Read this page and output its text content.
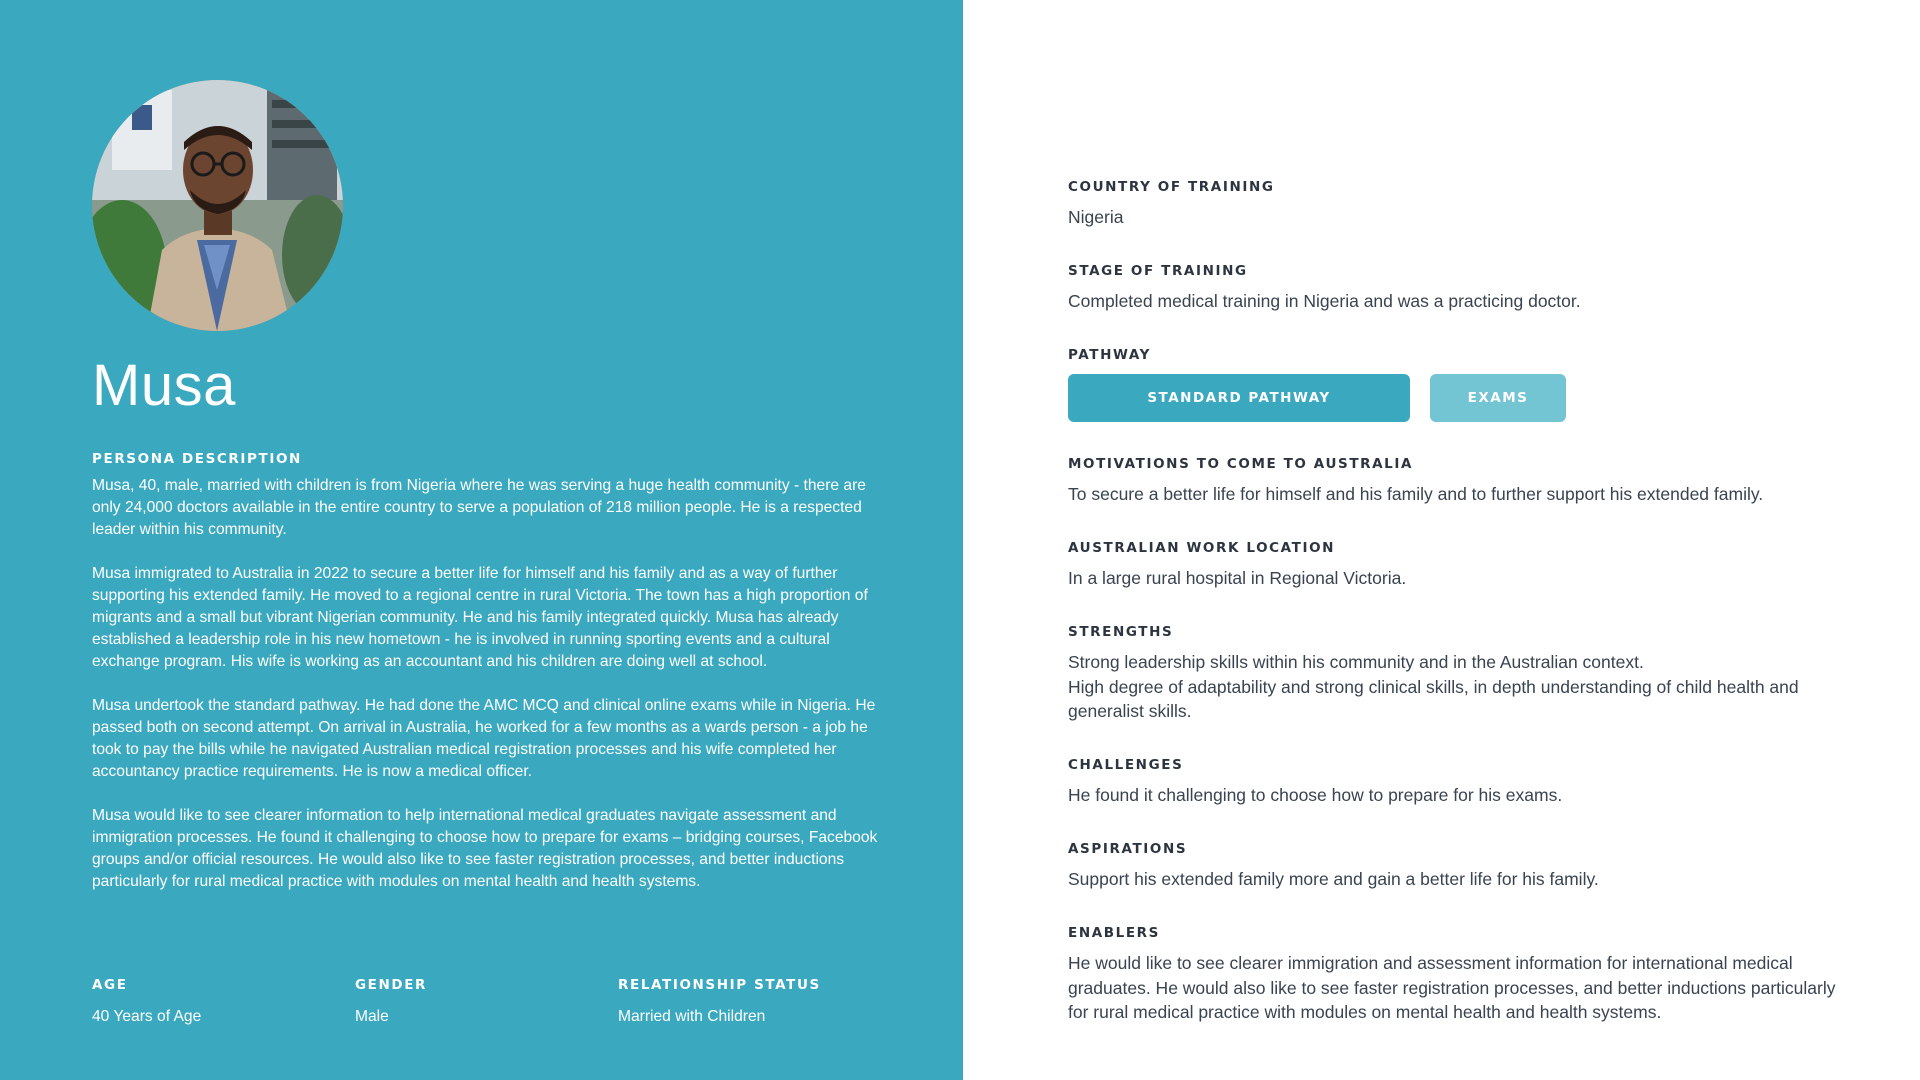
Musa
PERSONA DESCRIPTION

Musa, 40, male, married with children is from Nigeria where he was serving a huge health community - there are only 24,000 doctors available in the entire country to serve a population of 218 million people. He is a respected leader within his community.

Musa immigrated to Australia in 2022 to secure a better life for himself and his family and as a way of further supporting his extended family. He moved to a regional centre in rural Victoria. The town has a high proportion of migrants and a small but vibrant Nigerian community. He and his family integrated quickly. Musa has already established a leadership role in his new hometown - he is involved in running sporting events and a cultural exchange program. His wife is working as an accountant and his children are doing well at school.

Musa undertook the standard pathway. He had done the AMC MCQ and clinical online exams while in Nigeria. He passed both on second attempt. On arrival in Australia, he worked for a few months as a wards person - a job he took to pay the bills while he navigated Australian medical registration processes and his wife completed her accountancy practice requirements. He is now a medical officer.

Musa would like to see clearer information to help international medical graduates navigate assessment and immigration processes. He found it challenging to choose how to prepare for exams – bridging courses, Facebook groups and/or official resources. He would also like to see faster registration processes, and better inductions particularly for rural medical practice with modules on mental health and health systems.

AGE
40 Years of Age
GENDER
Male
RELATIONSHIP STATUS
Married with Children
COUNTRY OF TRAINING
Nigeria
STAGE OF TRAINING
Completed medical training in Nigeria and was a practicing doctor.
PATHWAY
STANDARD PATHWAY	EXAMS
MOTIVATIONS TO COME TO AUSTRALIA
To secure a better life for himself and his family and to further support his extended family.
AUSTRALIAN WORK LOCATION
In a large rural hospital in Regional Victoria.
STRENGTHS
Strong leadership skills within his community and in the Australian context.
High degree of adaptability and strong clinical skills, in depth understanding of child health and generalist skills.
CHALLENGES
He found it challenging to choose how to prepare for his exams.
ASPIRATIONS
Support his extended family more and gain a better life for his family.
ENABLERS
He would like to see clearer immigration and assessment information for international medical graduates. He would also like to see faster registration processes, and better inductions particularly for rural medical practice with modules on mental health and health systems.
